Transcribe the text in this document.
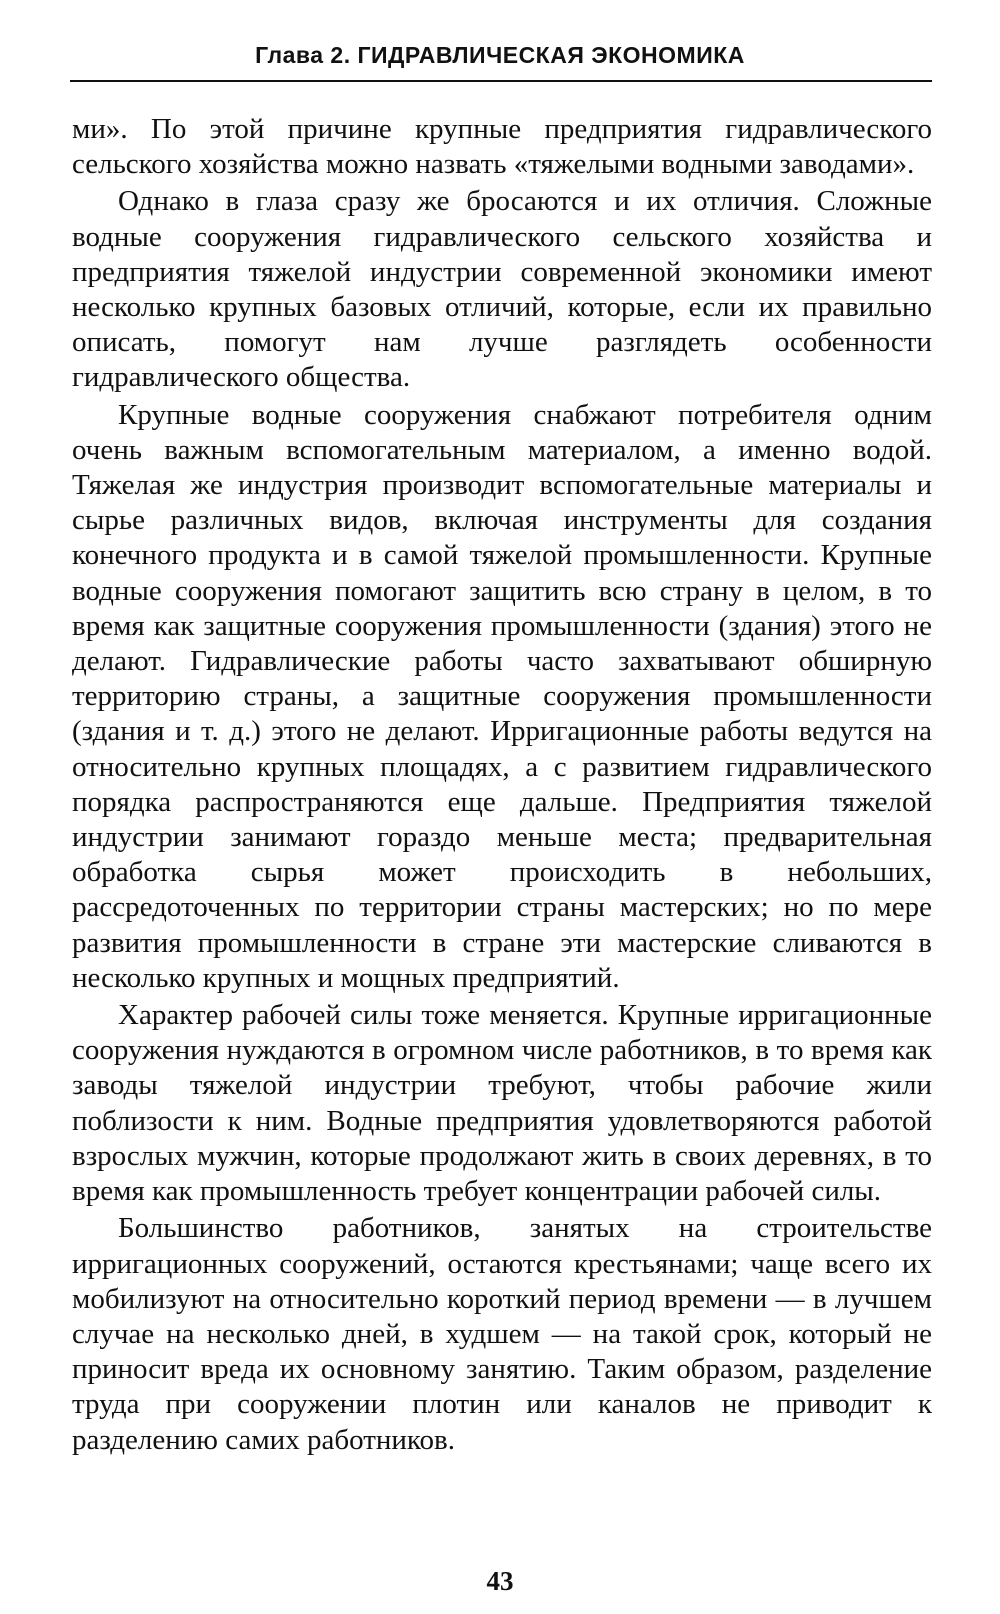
Глава 2. ГИДРАВЛИЧЕСКАЯ ЭКОНОМИКА

ми». По этой причине крупные предприятия гидравлического сельского хозяйства можно назвать «тяжелыми водными заводами».

Однако в глаза сразу же бросаются и их отличия. Сложные водные сооружения гидравлического сельского хозяйства и предприятия тяжелой индустрии современной экономики имеют несколько крупных базовых отличий, которые, если их правильно описать, помогут нам лучше разглядеть особенности гидравлического общества.

Крупные водные сооружения снабжают потребителя одним очень важным вспомогательным материалом, а именно водой. Тяжелая же индустрия производит вспомогательные материалы и сырье различных видов, включая инструменты для создания конечного продукта и в самой тяжелой промышленности. Крупные водные сооружения помогают защитить всю страну в целом, в то время как защитные сооружения промышленности (здания) этого не делают. Гидравлические работы часто захватывают обширную территорию страны, а защитные сооружения промышленности (здания и т. д.) этого не делают. Ирригационные работы ведутся на относительно крупных площадях, а с развитием гидравлического порядка распространяются еще дальше. Предприятия тяжелой индустрии занимают гораздо меньше места; предварительная обработка сырья может происходить в небольших, рассредоточенных по территории страны мастерских; но по мере развития промышленности в стране эти мастерские сливаются в несколько крупных и мощных предприятий.

Характер рабочей силы тоже меняется. Крупные ирригационные сооружения нуждаются в огромном числе работников, в то время как заводы тяжелой индустрии требуют, чтобы рабочие жили поблизости к ним. Водные предприятия удовлетворяются работой взрослых мужчин, которые продолжают жить в своих деревнях, в то время как промышленность требует концентрации рабочей силы.

Большинство работников, занятых на строительстве ирригационных сооружений, остаются крестьянами; чаще всего их мобилизуют на относительно короткий период времени — в лучшем случае на несколько дней, в худшем — на такой срок, который не приносит вреда их основному занятию. Таким образом, разделение труда при сооружении плотин или каналов не приводит к разделению самих работников.

43
